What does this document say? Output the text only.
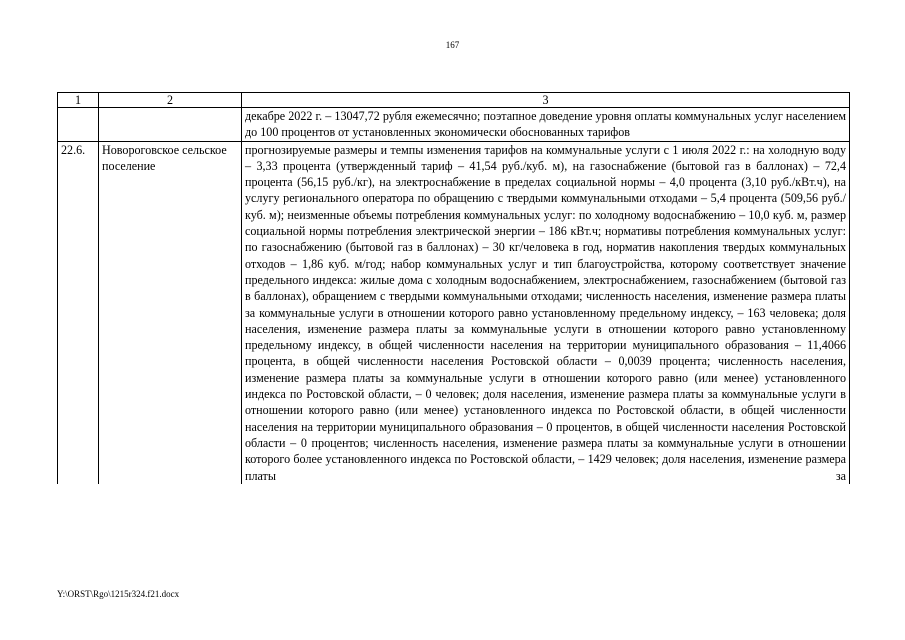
167
1	2	3

		декабре 2022 г. – 13047,72 рубля ежемесячно; поэтапное доведение уровня оплаты коммунальных услуг населением до 100 процентов от установленных экономически обоснованных тарифов

22.6.	Новороговское сельское поселение	прогнозируемые размеры и темпы изменения тарифов на коммунальные услуги с 1 июля 2022 г.: на холодную воду – 3,33 процента (утвержденный тариф – 41,54 руб./куб. м), на газоснабжение (бытовой газ в баллонах) – 72,4 процента (56,15 руб./кг), на электроснабжение в пределах социальной нормы – 4,0 процента (3,10 руб./кВт.ч), на услугу регионального оператора по обращению с твердыми коммунальными отходами – 5,4 процента (509,56 руб./куб. м); неизменные объемы потребления коммунальных услуг: по холодному водоснабжению – 10,0 куб. м, размер социальной нормы потребления электрической энергии – 186 кВт.ч; нормативы потребления коммунальных услуг: по газоснабжению (бытовой газ в баллонах) – 30 кг/человека в год, норматив накопления твердых коммунальных отходов – 1,86 куб. м/год; набор коммунальных услуг и тип благоустройства, которому соответствует значение предельного индекса: жилые дома с холодным водоснабжением, электроснабжением, газоснабжением (бытовой газ в баллонах), обращением с твердыми коммунальными отходами; численность населения, изменение размера платы за коммунальные услуги в отношении которого равно установленному предельному индексу, – 163 человека; доля населения, изменение размера платы за коммунальные услуги в отношении которого равно установленному предельному индексу, в общей численности населения на территории муниципального образования – 11,4066 процента, в общей численности населения Ростовской области – 0,0039 процента; численность населения, изменение размера платы за коммунальные услуги в отношении которого равно (или менее) установленного индекса по Ростовской области, – 0 человек; доля населения, изменение размера платы за коммунальные услуги в отношении которого равно (или менее) установленного индекса по Ростовской области, в общей численности населения на территории муниципального образования – 0 процентов, в общей численности населения Ростовской области – 0 процентов; численность населения, изменение размера платы за коммунальные услуги в отношении которого более установленного индекса по Ростовской области, – 1429 человек; доля населения, изменение размера платы за
Y:\ORST\Rgo\1215r324.f21.docx
